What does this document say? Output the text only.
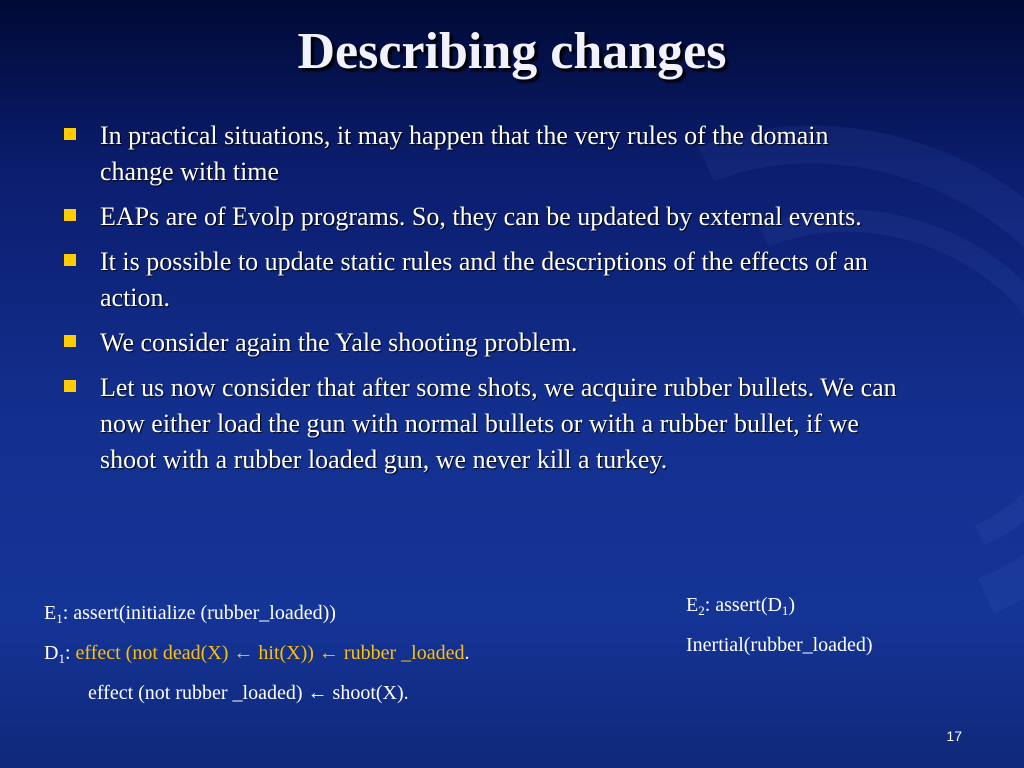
Describing changes
In practical situations, it may happen that the very rules of the domain change with time
EAPs are of Evolp programs. So, they can be updated by external events.
It is possible to update static rules and the descriptions of the effects of an action.
We consider again the Yale shooting problem.
Let us now consider that after some shots, we acquire rubber bullets. We can now either load the gun with normal bullets or with a rubber bullet, if we shoot with a rubber loaded gun, we never kill a turkey.
$E_1$: assert(initialize (rubber_loaded))
$D_1$: effect (not dead(X) ← hit(X)) ← rubber _loaded.
effect (not rubber _loaded) ← shoot(X).
$E_2$: $assert(D_1)$
Inertial(rubber_loaded)
17
